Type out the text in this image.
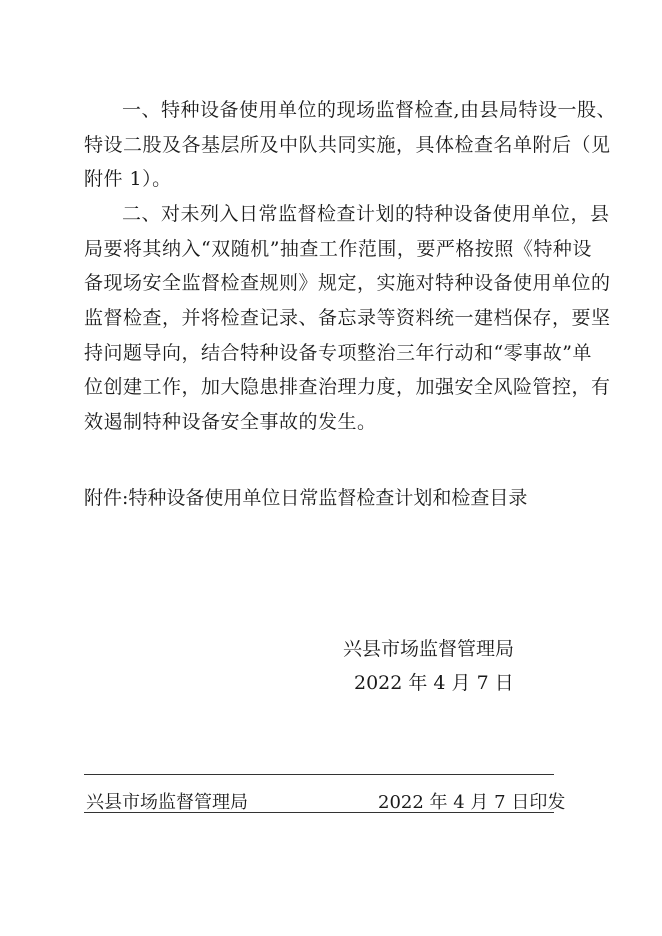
一、特种设备使用单位的现场监督检查,由县局特设一股、
特设二股及各基层所及中队共同实施，具体检查名单附后（见
附件 1）。
二、对未列入日常监督检查计划的特种设备使用单位，县
局要将其纳入“双随机”抽查工作范围，要严格按照《特种设
备现场安全监督检查规则》规定，实施对特种设备使用单位的
监督检查，并将检查记录、备忘录等资料统一建档保存，要坚
持问题导向，结合特种设备专项整治三年行动和“零事故”单
位创建工作，加大隐患排查治理力度，加强安全风险管控，有
效遏制特种设备安全事故的发生。
附件:特种设备使用单位日常监督检查计划和检查目录
兴县市场监督管理局
2022 年 4 月 7 日
兴县市场监督管理局	2022 年 4 月 7 日印发
